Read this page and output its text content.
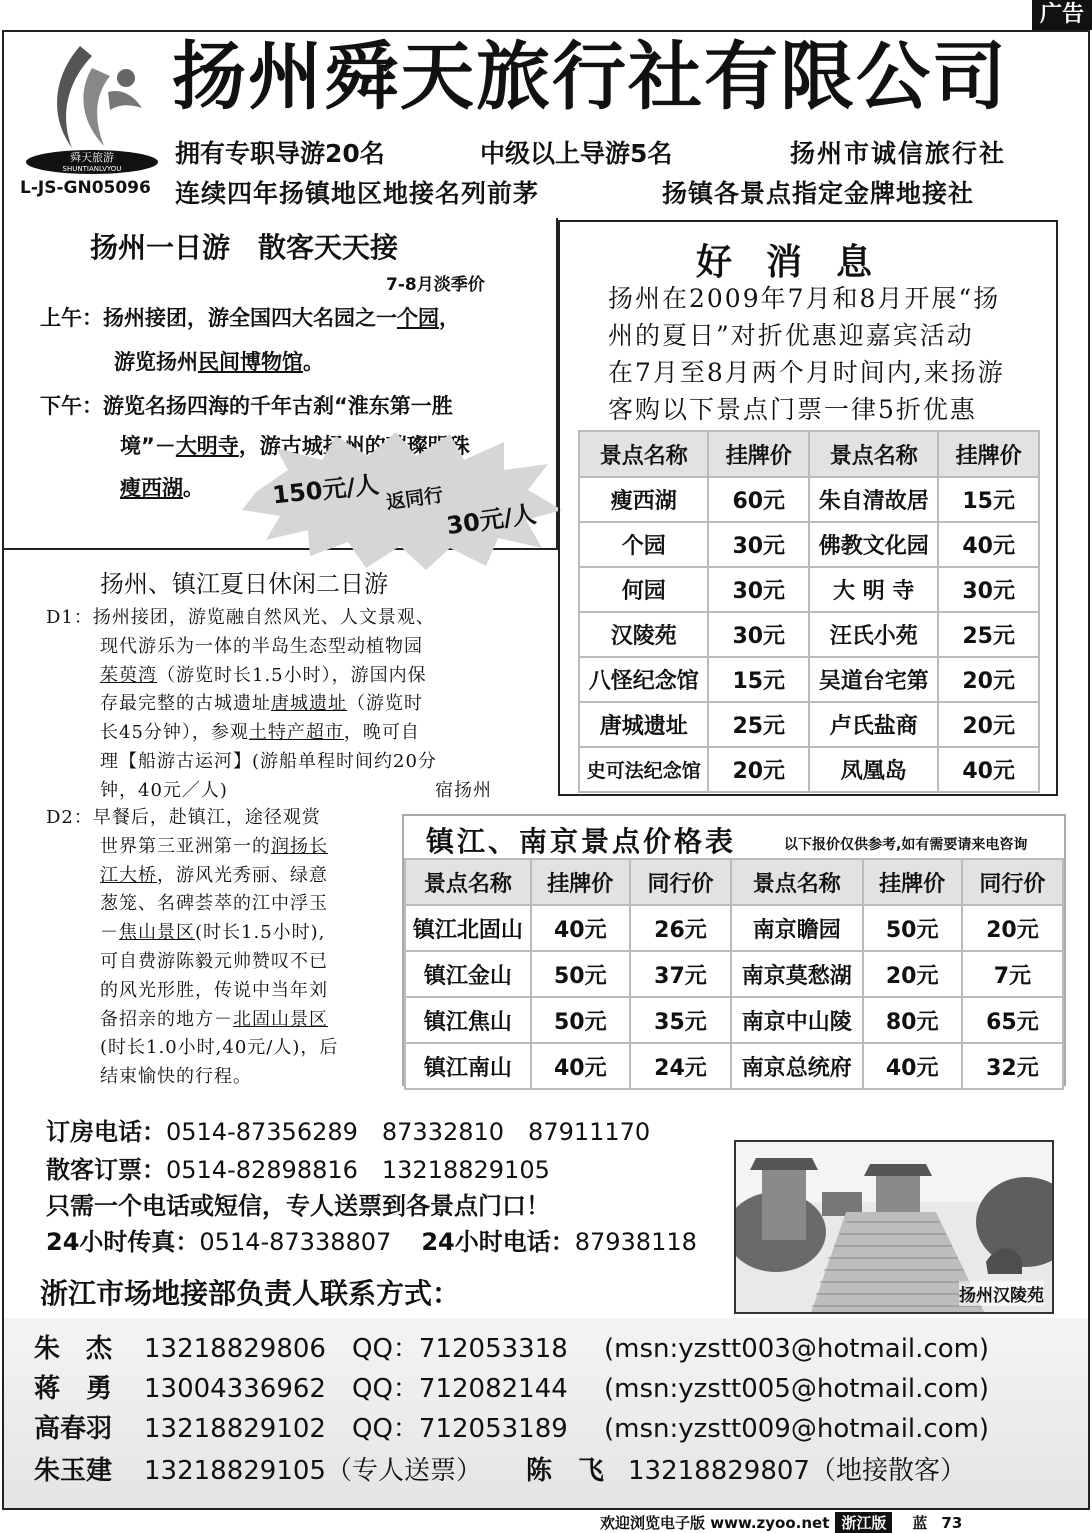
广告
舜天旅游
SHUNTIANLVYOU
L-JS-GN05096
扬州舜天旅行社有限公司
拥有专职导游20名	中级以上导游5名	扬州市诚信旅行社
连续四年扬镇地区地接名列前茅	扬镇各景点指定金牌地接社
扬州一日游　散客天天接
7-8月淡季价
上午：扬州接团，游全国四大名园之一个园，
游览扬州民间博物馆。
下午：游览名扬四海的千年古刹“淮东第一胜
境”－大明寺，游古城扬州的璀璨明珠
瘦西湖。	150元/人 返同行
30元/人
好消息
扬州在2009年7月和8月开展“扬
州的夏日”对折优惠迎嘉宾活动
在7月至8月两个月时间内,来扬游
客购以下景点门票一律5折优惠
景点名称	挂牌价	景点名称	挂牌价
瘦西湖	60元	朱自清故居	15元
个园	30元	佛教文化园	40元
何园	30元	大 明 寺	30元
汉陵苑	30元	汪氏小苑	25元
八怪纪念馆	15元	吴道台宅第	20元
唐城遗址	25元	卢氏盐商	20元
史可法纪念馆	20元	凤凰岛	40元
扬州、镇江夏日休闲二日游
D1：扬州接团，游览融自然风光、人文景观、
现代游乐为一体的半岛生态型动植物园
茱萸湾（游览时长1.5小时），游国内保
存最完整的古城遗址唐城遗址（游览时
长45分钟），参观土特产超市，晚可自
理【船游古运河】(游船单程时间约20分
钟，40元／人)	宿扬州
D2：早餐后，赴镇江，途径观赏
世界第三亚洲第一的润扬长
江大桥，游风光秀丽、绿意
葱笼、名碑荟萃的江中浮玉
－焦山景区(时长1.5小时),
可自费游陈毅元帅赞叹不已
的风光形胜，传说中当年刘
备招亲的地方－北固山景区
(时长1.0小时,40元/人)，后
结束愉快的行程。
镇江、南京景点价格表	以下报价仅供参考,如有需要请来电咨询
景点名称	挂牌价	同行价	景点名称	挂牌价	同行价
镇江北固山	40元	26元	南京瞻园	50元	20元
镇江金山	50元	37元	南京莫愁湖	20元	7元
镇江焦山	50元	35元	南京中山陵	80元	65元
镇江南山	40元	24元	南京总统府	40元	32元
订房电话：0514-87356289　87332810　87911170
散客订票：0514-82898816　13218829105
只需一个电话或短信，专人送票到各景点门口！
24小时传真：0514-87338807 24小时电话：87938118
浙江市场地接部负责人联系方式：	扬州汉陵苑
朱　杰 13218829806 QQ：712053318 (msn:yzstt003@hotmail.com)
蒋　勇 13004336962 QQ：712082144 (msn:yzstt005@hotmail.com)
高春羽 13218829102 QQ：712053189 (msn:yzstt009@hotmail.com)
朱玉建 13218829105（专人送票） 陈　飞 13218829807（地接散客）
欢迎浏览电子版 www.zyoo.net 浙江版 蓝 73
